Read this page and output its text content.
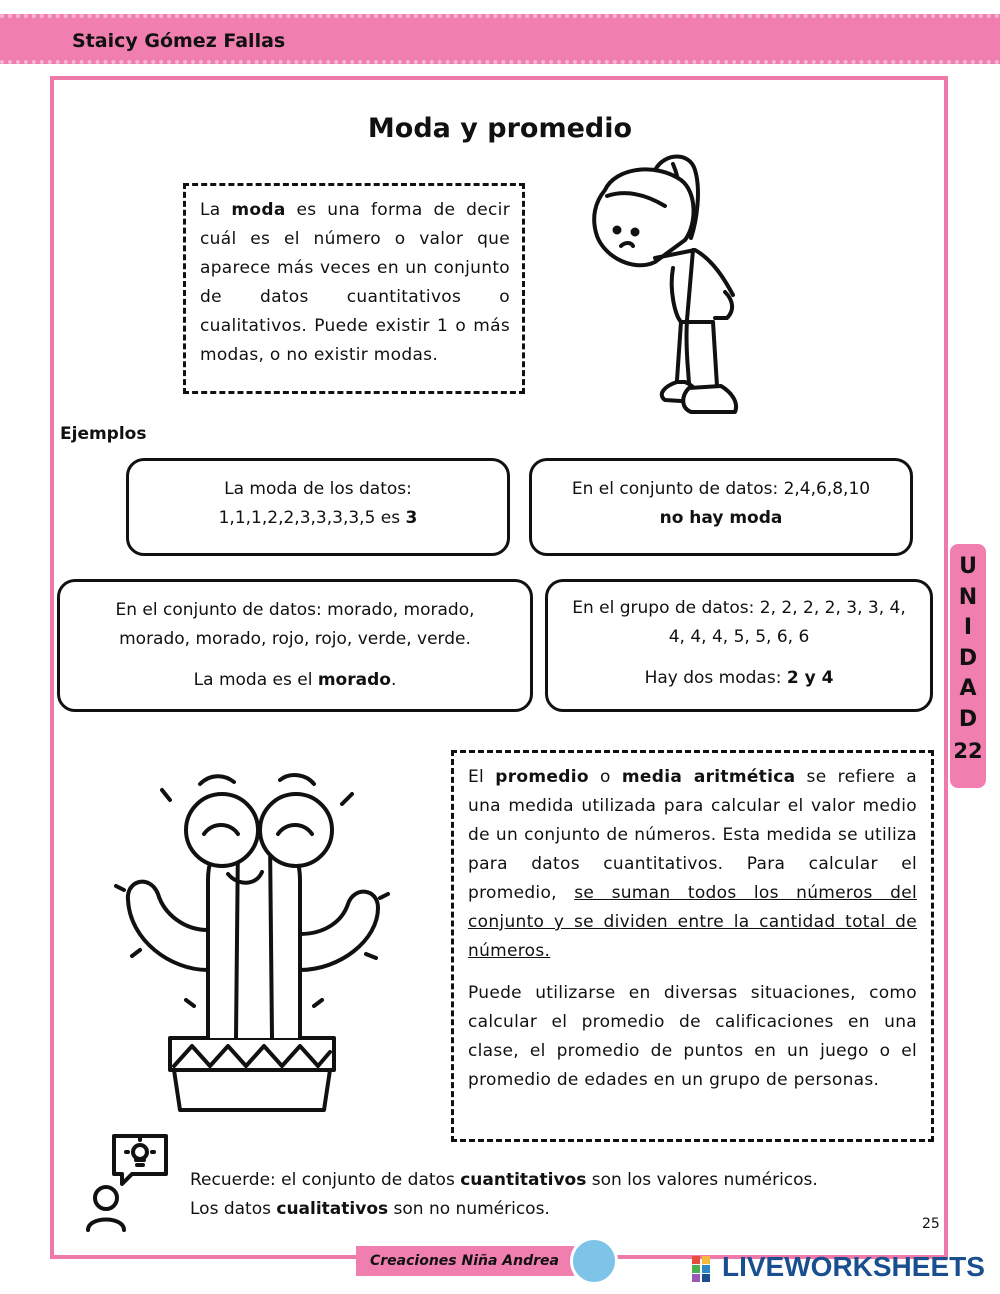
Staicy Gómez Fallas
Moda y promedio
La moda es una forma de decir cuál es el número o valor que aparece más veces en un conjunto de datos cuantitativos o cualitativos. Puede existir 1 o más modas, o no existir modas.
Ejemplos

La moda de los datos:

1,1,1,2,2,3,3,3,3,5 es 3

En el conjunto de datos: 2,4,6,8,10

no hay moda

En el conjunto de datos: morado, morado, morado, morado, rojo, rojo, verde, verde.

La moda es el morado.

En el grupo de datos: 2, 2, 2, 2, 3, 3, 4, 4, 4, 4, 5, 5, 6, 6

Hay dos modas: 2 y 4

El promedio o media aritmética se refiere a una medida utilizada para calcular el valor medio de un conjunto de números. Esta medida se utiliza para datos cuantitativos. Para calcular el promedio, se suman todos los números del conjunto y se dividen entre la cantidad total de números.

Puede utilizarse en diversas situaciones, como calcular el promedio de calificaciones en una clase, el promedio de puntos en un juego o el promedio de edades en un grupo de personas.

U
N
I
D
A
D
22
Recuerde: el conjunto de datos cuantitativos son los valores numéricos.
Los datos cualitativos son no numéricos.
25
Creaciones Niña Andrea	LIVEWORKSHEETS
